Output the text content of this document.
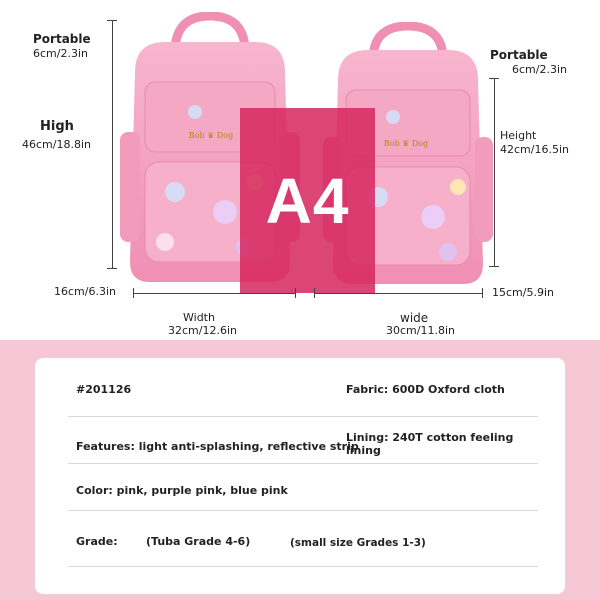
Bob ♛ Dog
Bob ♛ Dog
A4
Portable
6cm/2.3in
High
46cm/18.8in
16cm/6.3in
Width
32cm/12.6in
Portable
6cm/2.3in
Height
42cm/16.5in
15cm/5.9in
wide
30cm/11.8in
#201126	Fabric: 600D Oxford cloth
Features: light anti-splashing, reflective strip
Lining: 240T cotton feeling
lining
Color: pink, purple pink, blue pink
Grade:	(Tuba Grade 4-6)	(small size Grades 1-3)
